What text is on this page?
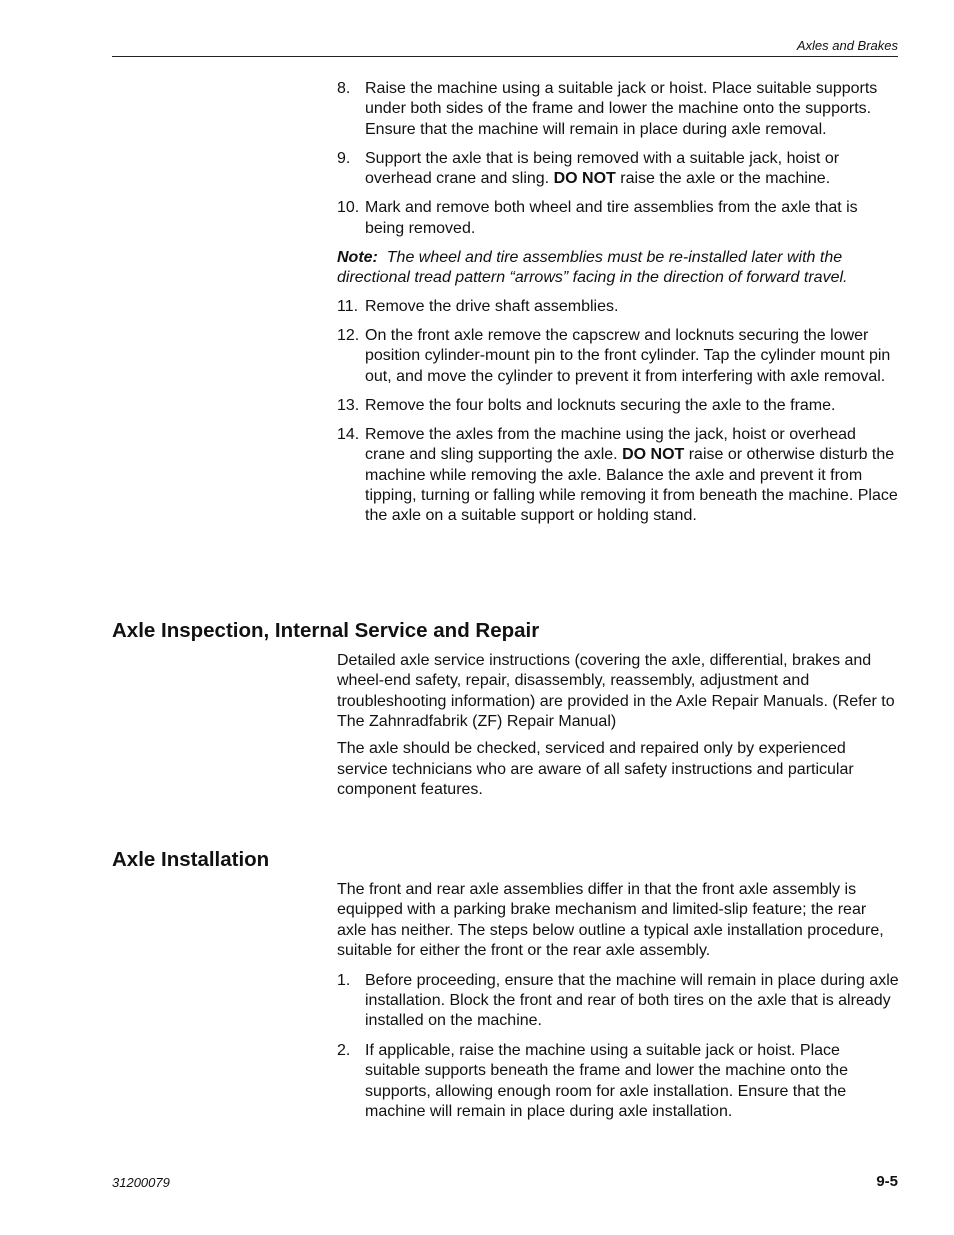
Axles and Brakes
8. Raise the machine using a suitable jack or hoist. Place suitable supports under both sides of the frame and lower the machine onto the supports. Ensure that the machine will remain in place during axle removal.
9. Support the axle that is being removed with a suitable jack, hoist or overhead crane and sling. DO NOT raise the axle or the machine.
10. Mark and remove both wheel and tire assemblies from the axle that is being removed.

Note: The wheel and tire assemblies must be re-installed later with the directional tread pattern “arrows” facing in the direction of forward travel.

11. Remove the drive shaft assemblies.
12. On the front axle remove the capscrew and locknuts securing the lower position cylinder-mount pin to the front cylinder. Tap the cylinder mount pin out, and move the cylinder to prevent it from interfering with axle removal.
13. Remove the four bolts and locknuts securing the axle to the frame.
14. Remove the axles from the machine using the jack, hoist or overhead crane and sling supporting the axle. DO NOT raise or otherwise disturb the machine while removing the axle. Balance the axle and prevent it from tipping, turning or falling while removing it from beneath the machine. Place the axle on a suitable support or holding stand.
Axle Inspection, Internal Service and Repair

Detailed axle service instructions (covering the axle, differential, brakes and wheel-end safety, repair, disassembly, reassembly, adjustment and troubleshooting information) are provided in the Axle Repair Manuals. (Refer to The Zahnradfabrik (ZF) Repair Manual)

The axle should be checked, serviced and repaired only by experienced service technicians who are aware of all safety instructions and particular component features.

Axle Installation

The front and rear axle assemblies differ in that the front axle assembly is equipped with a parking brake mechanism and limited-slip feature; the rear axle has neither. The steps below outline a typical axle installation procedure, suitable for either the front or the rear axle assembly.

1. Before proceeding, ensure that the machine will remain in place during axle installation. Block the front and rear of both tires on the axle that is already installed on the machine.
2. If applicable, raise the machine using a suitable jack or hoist. Place suitable supports beneath the frame and lower the machine onto the supports, allowing enough room for axle installation. Ensure that the machine will remain in place during axle installation.
31200079	9-5
